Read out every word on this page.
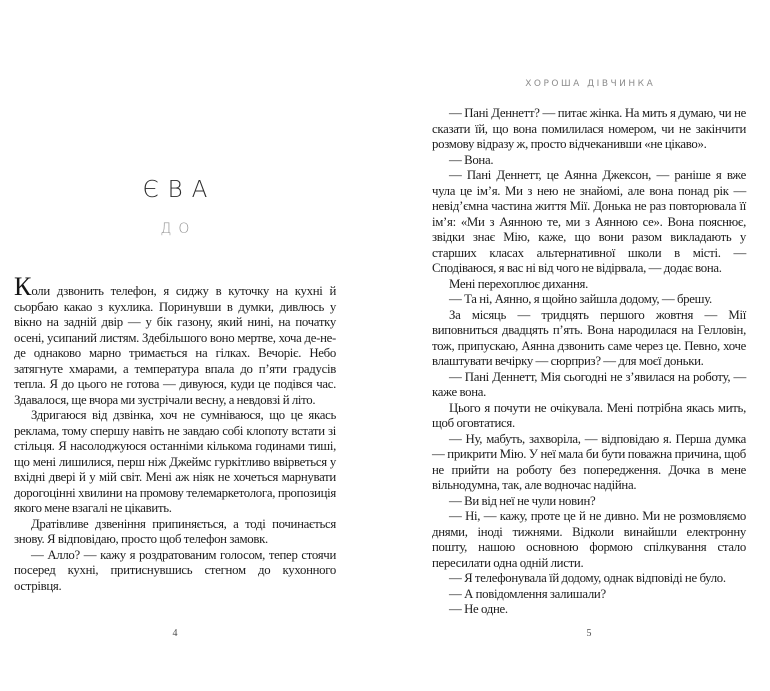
ЄВА
ДО

Коли дзвонить телефон, я сиджу в куточку на кухні й сьорбаю какао з кухлика. Поринувши в думки, дивлюсь у вікно на задній двір — у бік газону, який нині, на початку осені, усипаний листям. Здебільшого воно мертве, хоча де-не-де однаково марно тримається на гілках. Вечоріє. Небо затягнуте хмарами, а температура впала до п’яти градусів тепла. Я до цього не готова — дивуюся, куди це подівся час. Здавалося, ще вчора ми зустрічали весну, а невдовзі й літо.

Здригаюся від дзвінка, хоч не сумніваюся, що це якась реклама, тому спершу навіть не завдаю собі клопоту встати зі стільця. Я насолоджуюся останніми кількома годинами тиші, що мені лишилися, перш ніж Джеймс гуркітливо ввірветься у вхідні двері й у мій світ. Мені аж ніяк не хочеться марнувати дорогоцінні хвилини на промову телемаркетолога, пропозиція якого мене взагалі не цікавить.

Дратівливе дзвеніння припиняється, а тоді починається знову. Я відповідаю, просто щоб телефон замовк.

— Алло? — кажу я роздратованим голосом, тепер стоячи посеред кухні, притиснувшись стегном до кухонного острівця.

4
ХОРОША ДІВЧИНКА

— Пані Деннетт? — питає жінка. На мить я думаю, чи не сказати їй, що вона помилилася номером, чи не закінчити розмову відразу ж, просто відчеканивши «не цікаво».

— Вона.

— Пані Деннетт, це Аянна Джексон, — раніше я вже чула це ім’я. Ми з нею не знайомі, але вона понад рік — невід’ємна частина життя Мії. Донька не раз повторювала її ім’я: «Ми з Аянною те, ми з Аянною се». Вона пояснює, звідки знає Мію, каже, що вони разом викладають у старших класах альтернативної школи в місті. — Сподіваюся, я вас ні від чого не відірвала, — додає вона.

Мені перехоплює дихання.

— Та ні, Аянно, я щойно зайшла додому, — брешу.

За місяць — тридцять першого жовтня — Мії виповниться двадцять п’ять. Вона народилася на Гелловін, тож, припускаю, Аянна дзвонить саме через це. Певно, хоче влаштувати вечірку — сюрприз? — для моєї доньки.

— Пані Деннетт, Мія сьогодні не з’явилася на роботу, — каже вона.

Цього я почути не очікувала. Мені потрібна якась мить, щоб оговтатися.

— Ну, мабуть, захворіла, — відповідаю я. Перша думка — прикрити Мію. У неї мала би бути поважна причина, щоб не прийти на роботу без попередження. Дочка в мене вільнодумна, так, але водночас надійна.

— Ви від неї не чули новин?

— Ні, — кажу, проте це й не дивно. Ми не розмовляємо днями, іноді тижнями. Відколи винайшли електронну пошту, нашою основною формою спілкування стало пересилати одна одній листи.

— Я телефонувала їй додому, однак відповіді не було.

— А повідомлення залишали?

— Не одне.

5
